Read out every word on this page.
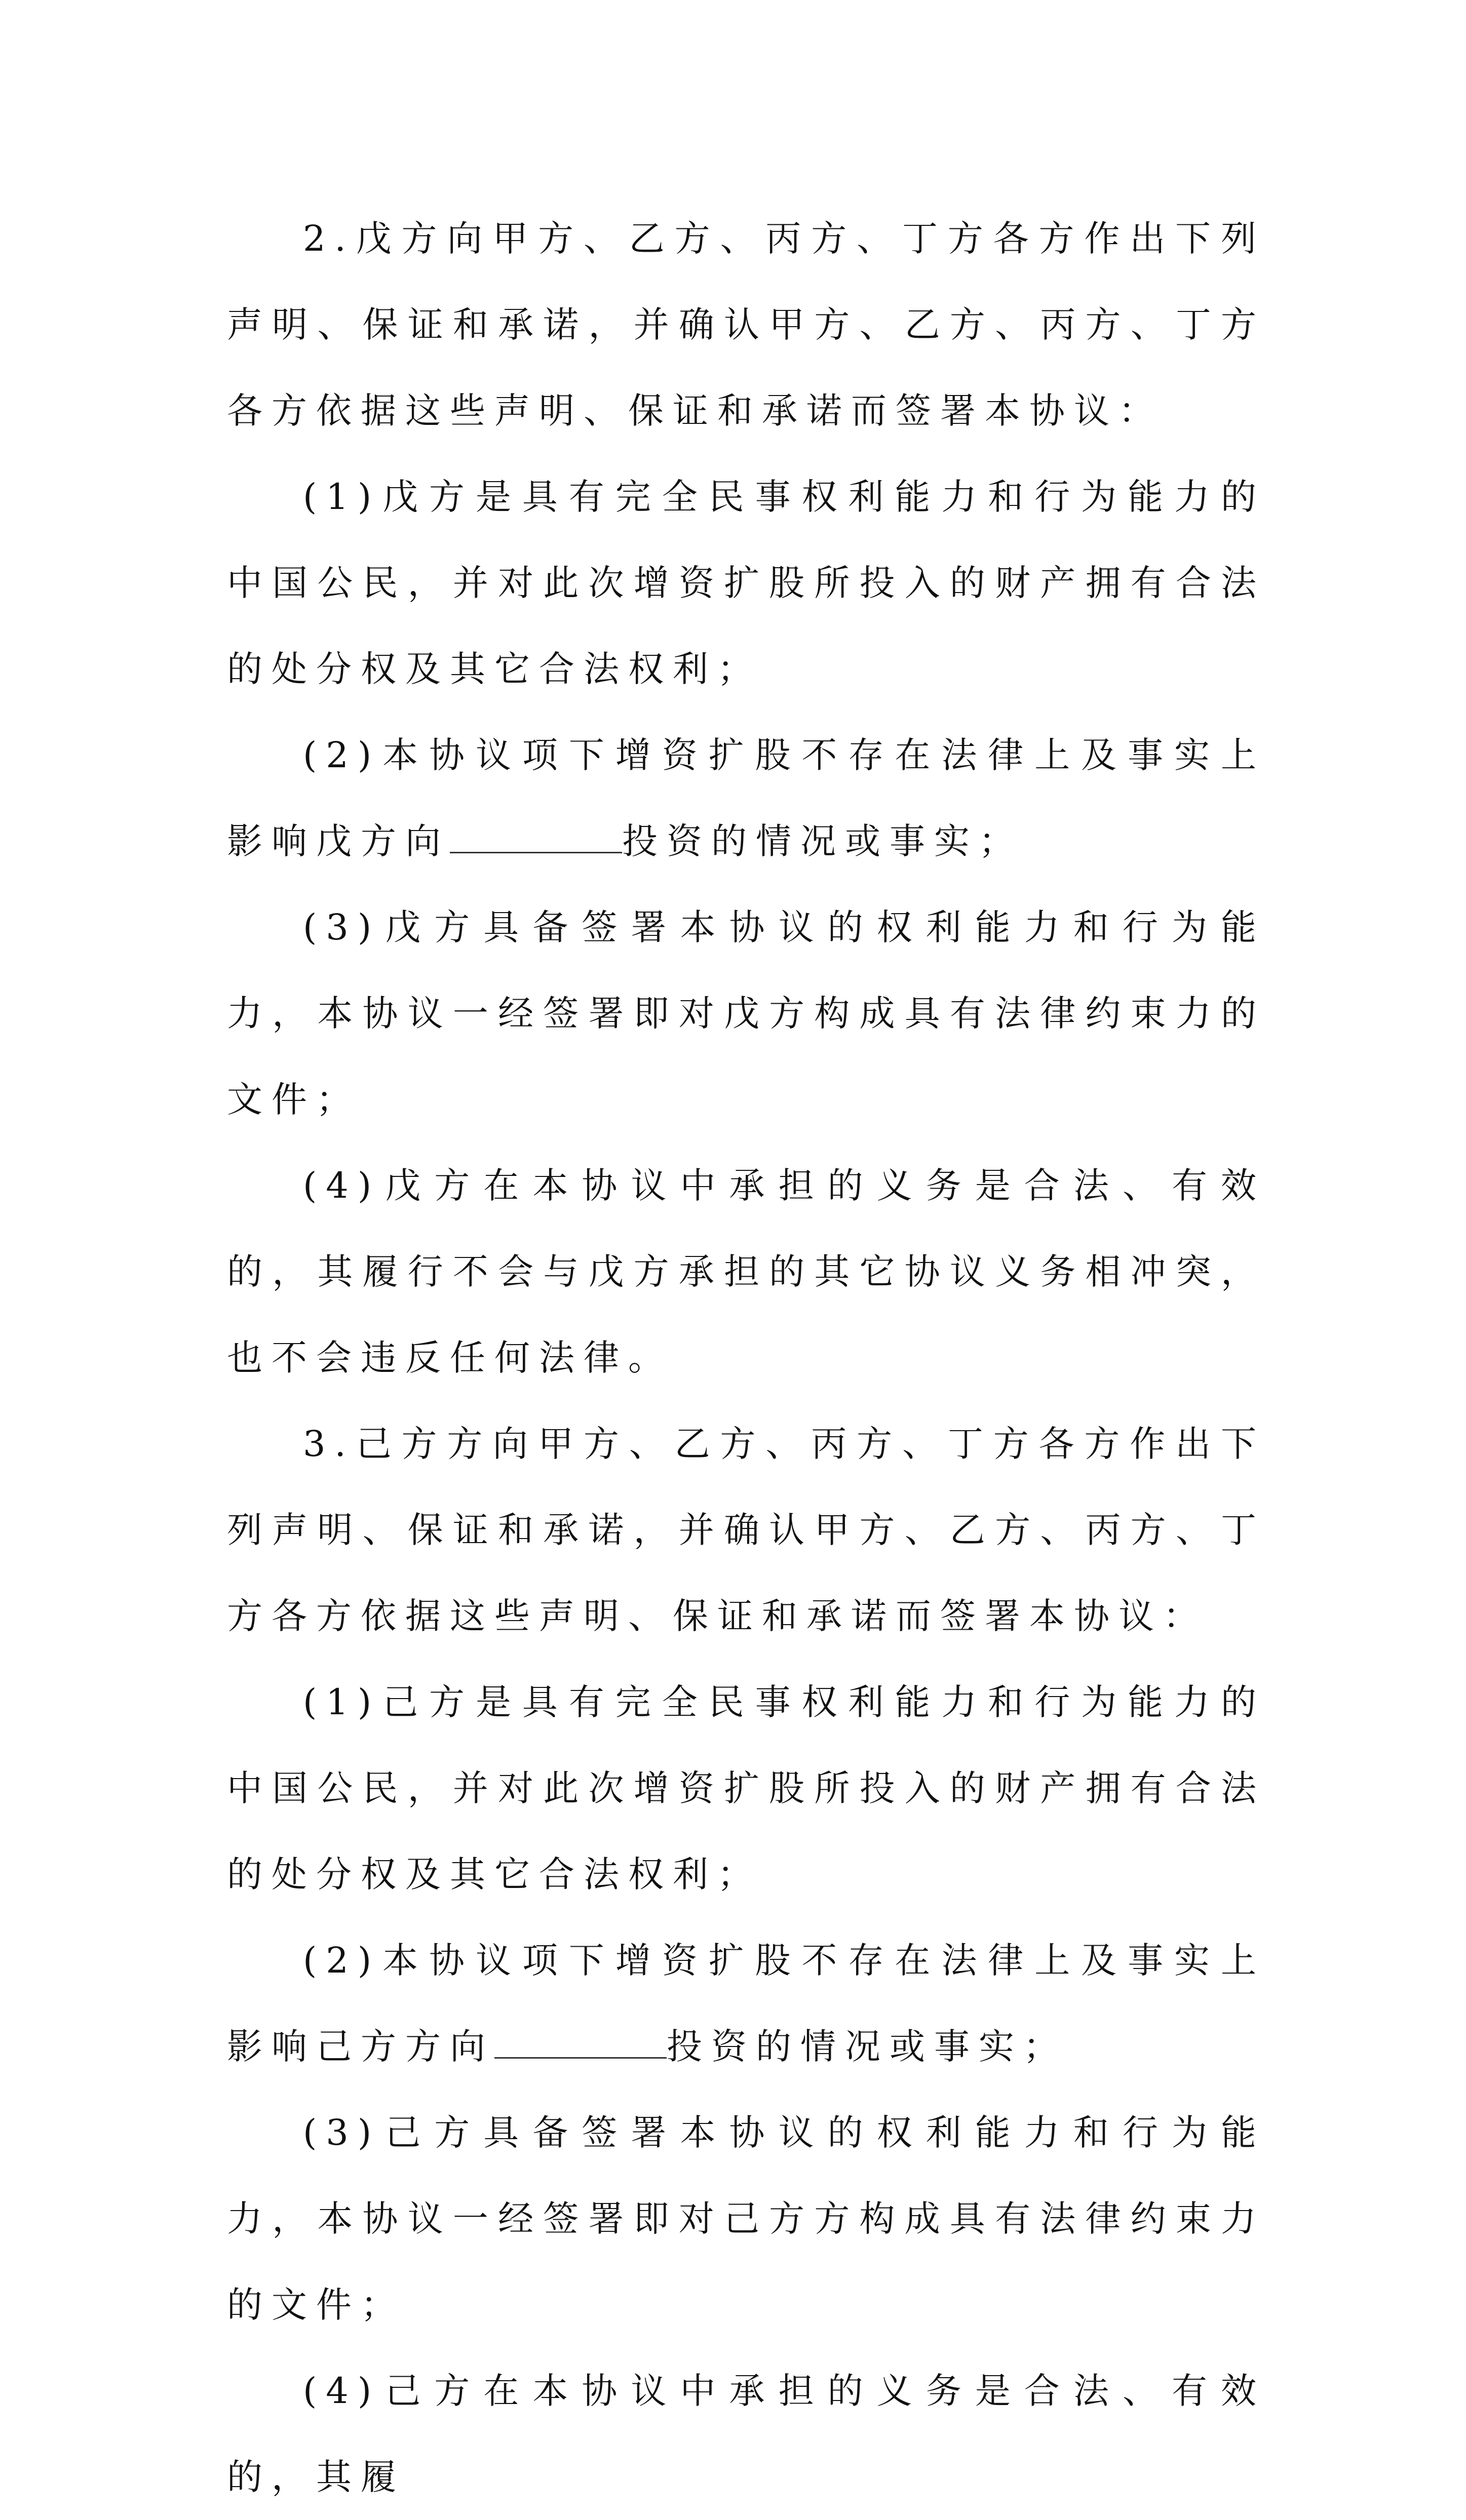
2.戊方向甲方、乙方、丙方、丁方各方作出下列声明、保证和承诺，并确认甲方、乙方、丙方、丁方各方依据这些声明、保证和承诺而签署本协议：

(1)戊方是具有完全民事权利能力和行为能力的中国公民，并对此次增资扩股所投入的财产拥有合法的处分权及其它合法权利；

(2)本协议项下增资扩股不存在法律上及事实上影响戊方向	投资的情况或事实；

(3)戊方具备签署本协议的权利能力和行为能力，本协议一经签署即对戊方构成具有法律约束力的文件；

(4)戊方在本协议中承担的义务是合法、有效的，其履行不会与戊方承担的其它协议义务相冲突，也不会违反任何法律。

3.己方方向甲方、乙方、丙方、丁方各方作出下列声明、保证和承诺，并确认甲方、乙方、丙方、丁方各方依据这些声明、保证和承诺而签署本协议：

(1)己方是具有完全民事权利能力和行为能力的中国公民，并对此次增资扩股所投入的财产拥有合法的处分权及其它合法权利；

(2)本协议项下增资扩股不存在法律上及事实上影响己方方向	投资的情况或事实；

(3)己方具备签署本协议的权利能力和行为能力，本协议一经签署即对己方方构成具有法律约束力的文件；

(4)己方在本协议中承担的义务是合法、有效的，其履
